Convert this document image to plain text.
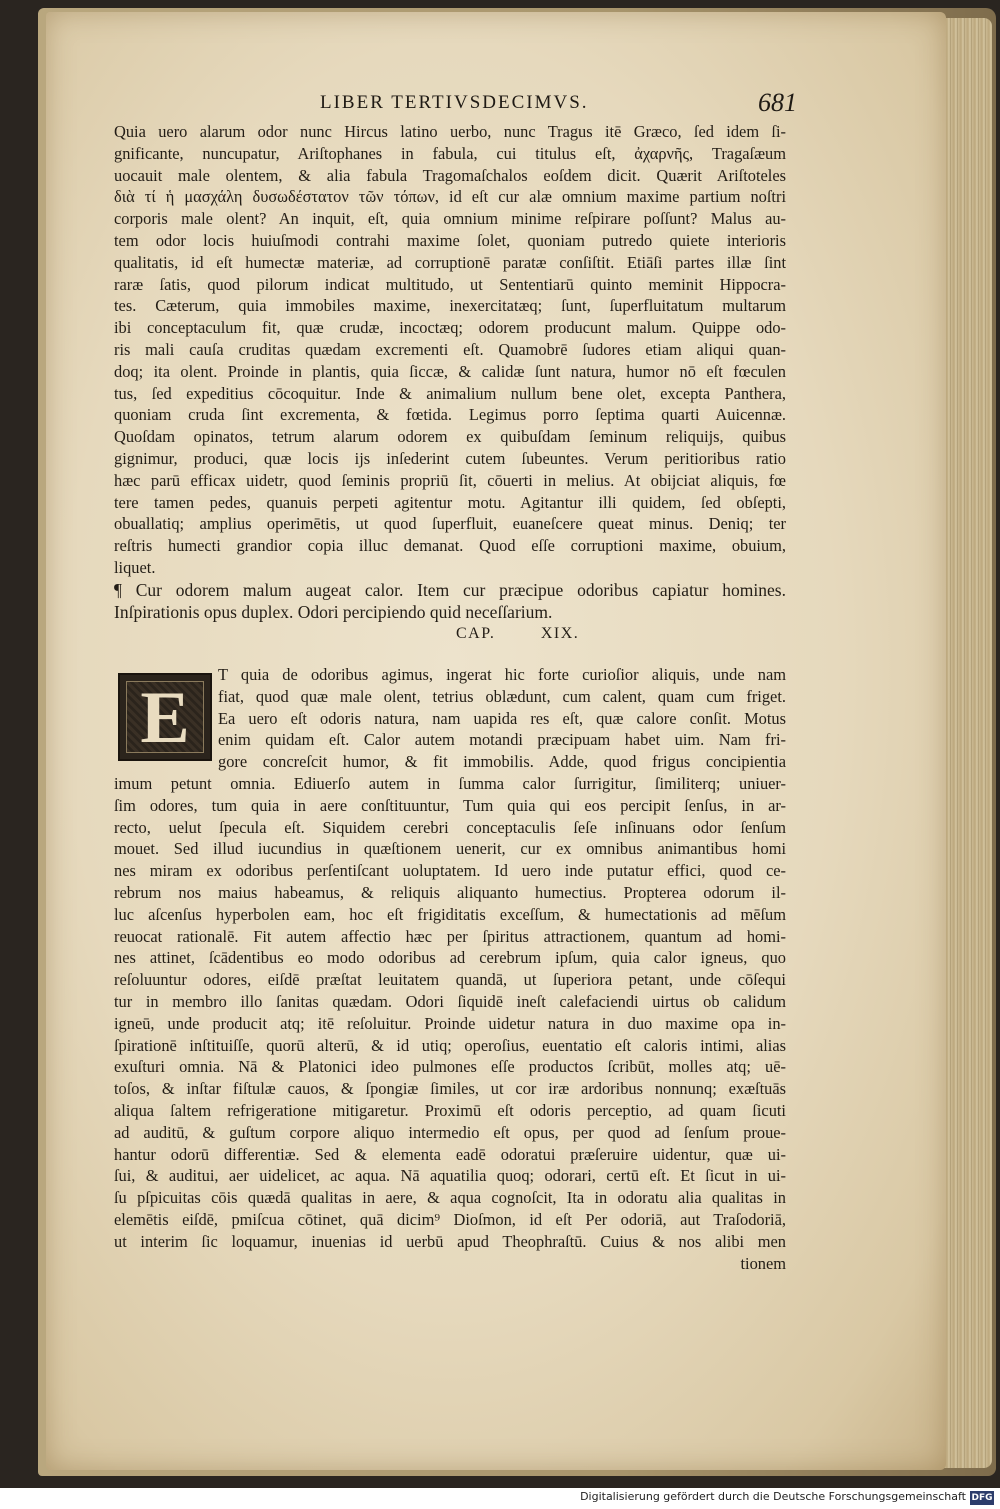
LIBER TERTIVSDECIMVS.	681
Quia uero alarum odor nunc Hircus latino uerbo, nunc Tragus itē Græco, ſed idem ſi-
gnificante, nuncupatur, Ariſtophanes in fabula, cui titulus eſt, ἀχαρνῆς, Tragaſæum
uocauit male olentem, & alia fabula Tragomaſchalos eoſdem dicit. Quærit Ariſtoteles
διὰ τί ἡ μασχάλη δυσωδέστατον τῶν τόπων, id eſt cur alæ omnium maxime partium noſtri
corporis male olent? An inquit, eſt, quia omnium minime reſpirare poſſunt? Malus au-
tem odor locis huiuſmodi contrahi maxime ſolet, quoniam putredo quiete interioris
qualitatis, id eſt humectæ materiæ, ad corruptionē paratæ conſiſtit. Etiāſi partes illæ ſint
raræ ſatis, quod pilorum indicat multitudo, ut Sententiarū quinto meminit Hippocra-
tes. Cæterum, quia immobiles maxime, inexercitatæq; ſunt, ſuperfluitatum multarum
ibi conceptaculum fit, quæ crudæ, incoctæq; odorem producunt malum. Quippe odo-
ris mali cauſa cruditas quædam excrementi eſt. Quamobrē ſudores etiam aliqui quan-
doq; ita olent. Proinde in plantis, quia ſiccæ, & calidæ ſunt natura, humor nō eſt fœculen
tus, ſed expeditius cōcoquitur. Inde & animalium nullum bene olet, excepta Panthera,
quoniam cruda ſint excrementa, & fœtida. Legimus porro ſeptima quarti Auicennæ.
Quoſdam opinatos, tetrum alarum odorem ex quibuſdam ſeminum reliquijs, quibus
gignimur, produci, quæ locis ijs inſederint cutem ſubeuntes. Verum peritioribus ratio
hæc parū efficax uidetr, quod ſeminis propriū ſit, cōuerti in melius. At obijciat aliquis, fœ
tere tamen pedes, quanuis perpeti agitentur motu. Agitantur illi quidem, ſed obſepti,
obuallatiq; amplius operimētis, ut quod ſuperfluit, euaneſcere queat minus. Deniq; ter
reſtris humecti grandior copia illuc demanat. Quod eſſe corruptioni maxime, obuium,
liquet.
¶ Cur odorem malum augeat calor. Item cur præcipue odoribus capiatur homines.
Inſpirationis opus duplex. Odori percipiendo quid neceſſarium.
CAP. XIX.
E
T quia de odoribus agimus, ingerat hic forte curioſior aliquis, unde nam
fiat, quod quæ male olent, tetrius oblædunt, cum calent, quam cum friget.
Ea uero eſt odoris natura, nam uapida res eſt, quæ calore conſit. Motus
enim quidam eſt. Calor autem motandi præcipuam habet uim. Nam fri-
gore concreſcit humor, & fit immobilis. Adde, quod frigus concipientia
imum petunt omnia. Ediuerſo autem in ſumma calor ſurrigitur, ſimiliterq; uniuer-
ſim odores, tum quia in aere conſtituuntur, Tum quia qui eos percipit ſenſus, in ar-
recto, uelut ſpecula eſt. Siquidem cerebri conceptaculis ſeſe inſinuans odor ſenſum
mouet. Sed illud iucundius in quæſtionem uenerit, cur ex omnibus animantibus homi
nes miram ex odoribus perſentiſcant uoluptatem. Id uero inde putatur effici, quod ce-
rebrum nos maius habeamus, & reliquis aliquanto humectius. Propterea odorum il-
luc aſcenſus hyperbolen eam, hoc eſt frigiditatis exceſſum, & humectationis ad mēſum
reuocat rationalē. Fit autem affectio hæc per ſpiritus attractionem, quantum ad homi-
nes attinet, ſcādentibus eo modo odoribus ad cerebrum ipſum, quia calor igneus, quo
reſoluuntur odores, eiſdē præſtat leuitatem quandā, ut ſuperiora petant, unde cōſequi
tur in membro illo ſanitas quædam. Odori ſiquidē ineſt calefaciendi uirtus ob calidum
igneū, unde producit atq; itē reſoluitur. Proinde uidetur natura in duo maxime opa in-
ſpirationē inſtituiſſe, quorū alterū, & id utiq; operoſius, euentatio eſt caloris intimi, alias
exuſturi omnia. Nā & Platonici ideo pulmones eſſe productos ſcribūt, molles atq; uē-
toſos, & inſtar fiſtulæ cauos, & ſpongiæ ſimiles, ut cor iræ ardoribus nonnunq; exæſtuās
aliqua ſaltem refrigeratione mitigaretur. Proximū eſt odoris perceptio, ad quam ſicuti
ad auditū, & guſtum corpore aliquo intermedio eſt opus, per quod ad ſenſum proue-
hantur odorū differentiæ. Sed & elementa eadē odoratui præſeruire uidentur, quæ ui-
ſui, & auditui, aer uidelicet, ac aqua. Nā aquatilia quoq; odorari, certū eſt. Et ſicut in ui-
ſu pſpicuitas cōis quædā qualitas in aere, & aqua cognoſcit, Ita in odoratu alia qualitas in
elemētis eiſdē, pmiſcua cōtinet, quā dicim⁹ Dioſmon, id eſt Per odoriā, aut Traſodoriā,
ut interim ſic loquamur, inuenias id uerbū apud Theophraſtū. Cuius & nos alibi men
tionem
Digitalisierung gefördert durch die Deutsche Forschungsgemeinschaft DFG
